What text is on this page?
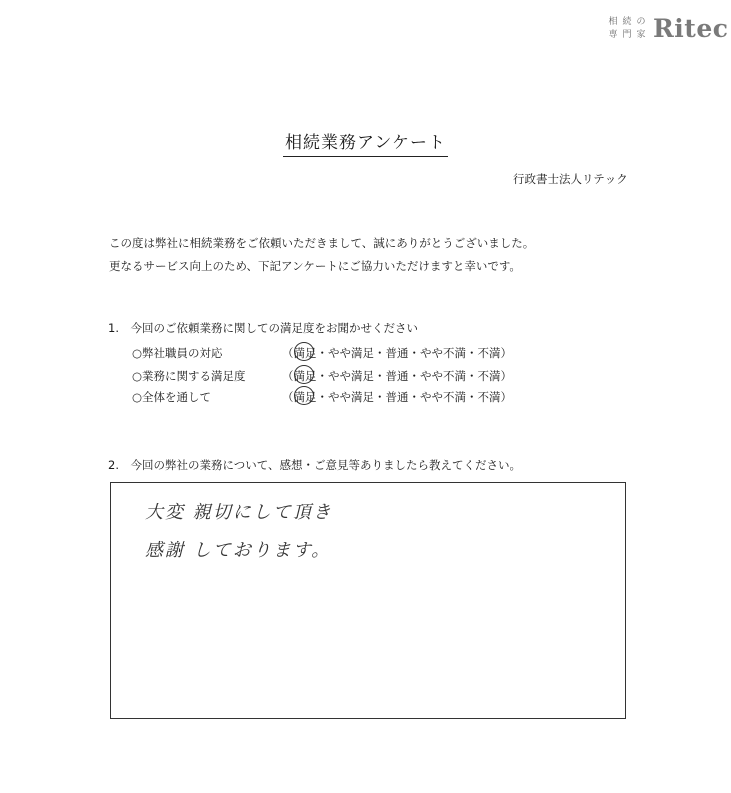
相 続 の
専 門 家 Ritec
相続業務アンケート
行政書士法人リテック
この度は弊社に相続業務をご依頼いただきまして、誠にありがとうございました。
更なるサービス向上のため、下記アンケートにご協力いただけますと幸いです。
1.　今回のご依頼業務に関しての満足度をお聞かせください
○弊社職員の対応	（満足・やや満足・普通・やや不満・不満）
○業務に関する満足度	（満足・やや満足・普通・やや不満・不満）
○全体を通して	（満足・やや満足・普通・やや不満・不満）
2.　今回の弊社の業務について、感想・ご意見等ありましたら教えてください。
大変 親切にして頂き
感謝 しております。
